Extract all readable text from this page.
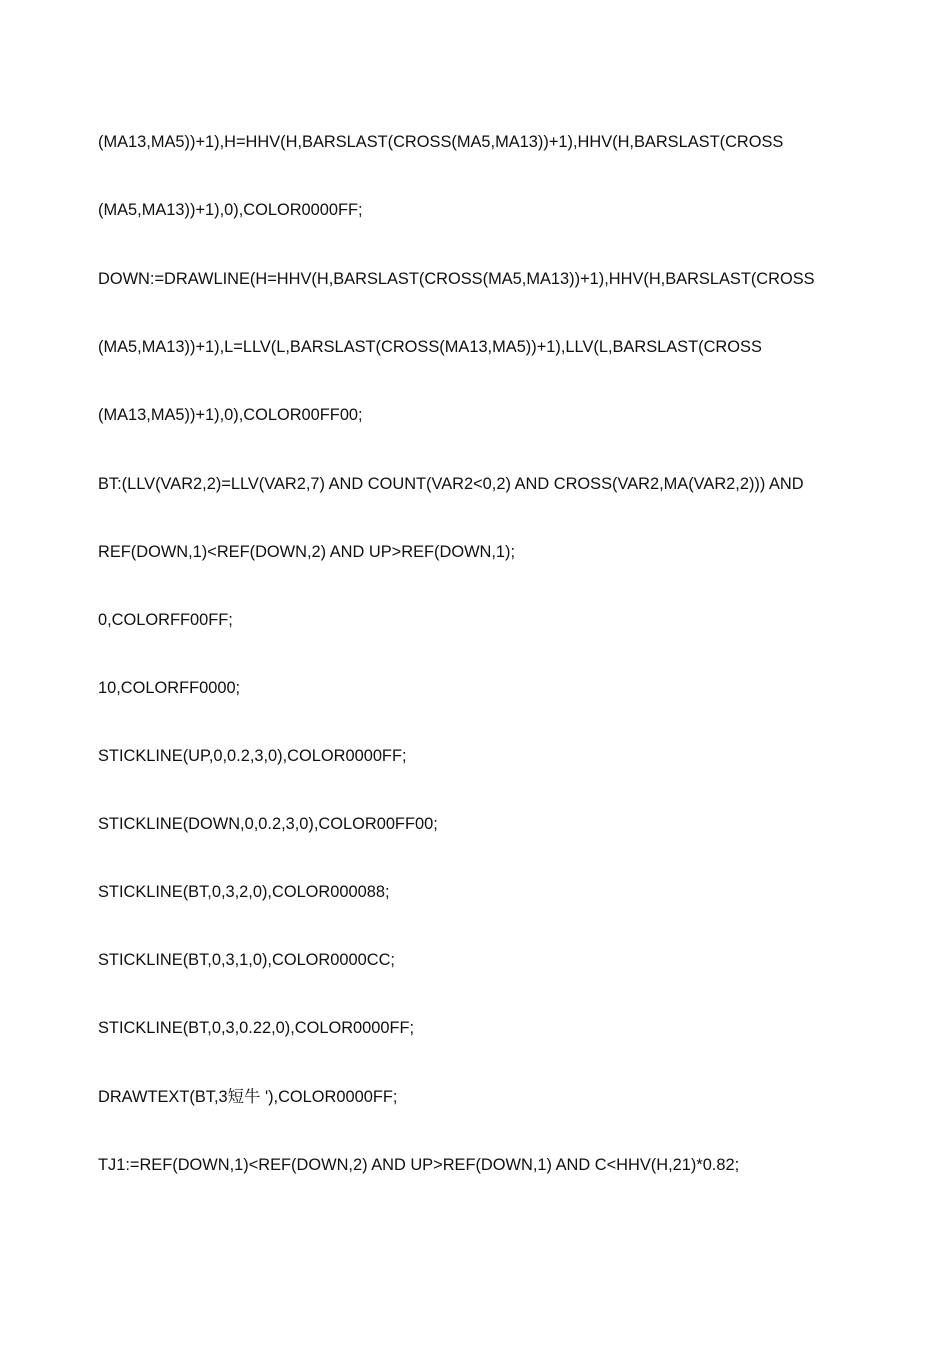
(MA13,MA5))+1),H=HHV(H,BARSLAST(CROSS(MA5,MA13))+1),HHV(H,BARSLAST(CROSS
(MA5,MA13))+1),0),COLOR0000FF;
DOWN:=DRAWLINE(H=HHV(H,BARSLAST(CROSS(MA5,MA13))+1),HHV(H,BARSLAST(CROSS
(MA5,MA13))+1),L=LLV(L,BARSLAST(CROSS(MA13,MA5))+1),LLV(L,BARSLAST(CROSS
(MA13,MA5))+1),0),COLOR00FF00;
BT:(LLV(VAR2,2)=LLV(VAR2,7) AND COUNT(VAR2<0,2) AND CROSS(VAR2,MA(VAR2,2))) AND
REF(DOWN,1)<REF(DOWN,2) AND UP>REF(DOWN,1);
0,COLORFF00FF;
10,COLORFF0000;
STICKLINE(UP,0,0.2,3,0),COLOR0000FF;
STICKLINE(DOWN,0,0.2,3,0),COLOR00FF00;
STICKLINE(BT,0,3,2,0),COLOR000088;
STICKLINE(BT,0,3,1,0),COLOR0000CC;
STICKLINE(BT,0,3,0.22,0),COLOR0000FF;
DRAWTEXT(BT,3短牛 '),COLOR0000FF;
TJ1:=REF(DOWN,1)<REF(DOWN,2) AND UP>REF(DOWN,1) AND C<HHV(H,21)*0.82;
